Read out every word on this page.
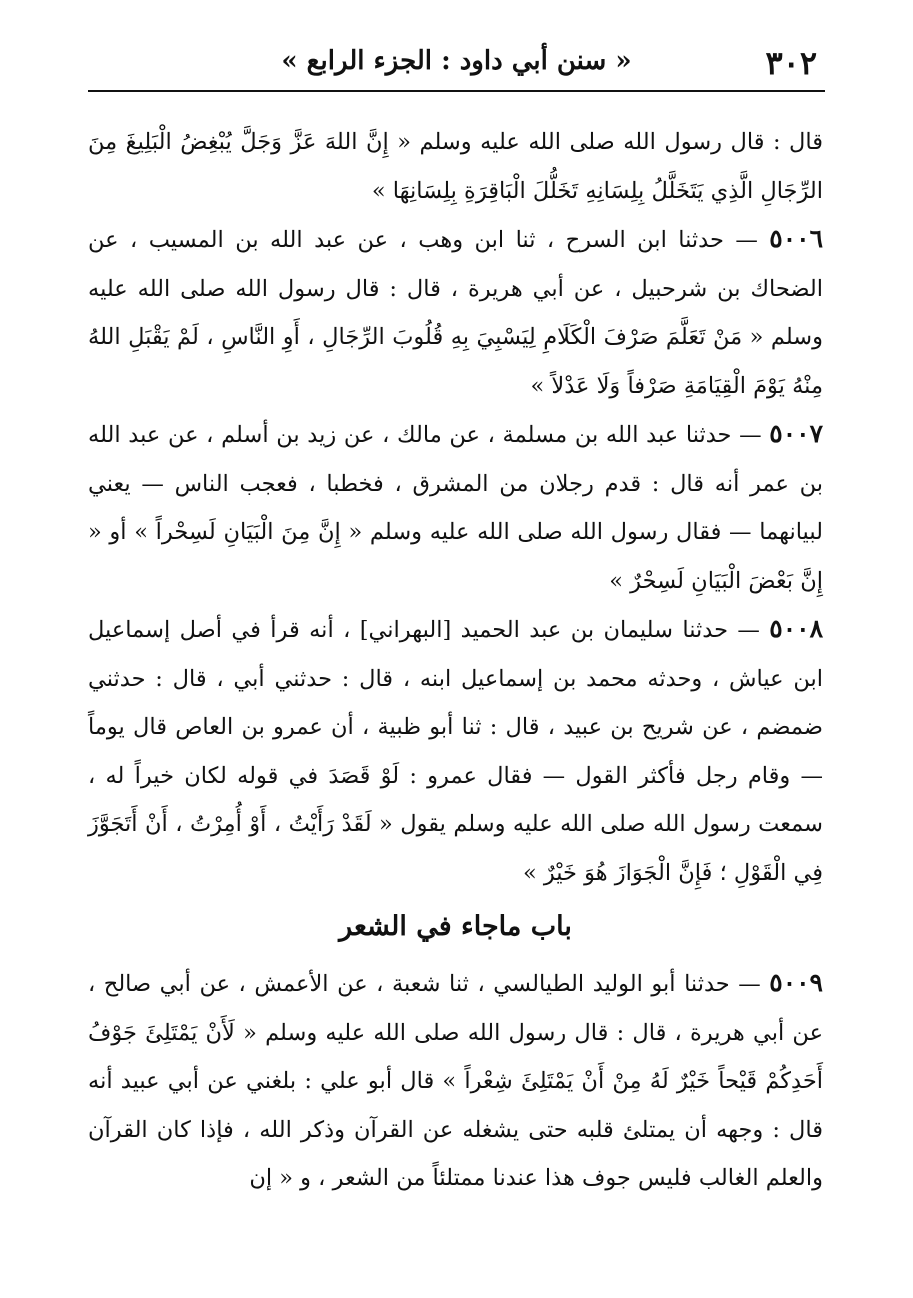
٣٠٢
« سنن أبي داود : الجزء الرابع »

قال : قال رسول الله صلى الله عليه وسلم « إِنَّ اللهَ عَزَّ وَجَلَّ يُبْغِضُ الْبَلِيغَ مِنَ الرِّجَالِ الَّذِي يَتَخَلَّلُ بِلِسَانِهِ تَخَلُّلَ الْبَاقِرَةِ بِلِسَانِهَا »

٥٠٠٦ — حدثنا ابن السرح ، ثنا ابن وهب ، عن عبد الله بن المسيب ، عن الضحاك بن شرحبيل ، عن أبي هريرة ، قال : قال رسول الله صلى الله عليه وسلم « مَنْ تَعَلَّمَ صَرْفَ الْكَلَامِ لِيَسْبِيَ بِهِ قُلُوبَ الرِّجَالِ ، أَوِ النَّاسِ ، لَمْ يَقْبَلِ اللهُ مِنْهُ يَوْمَ الْقِيَامَةِ صَرْفاً وَلَا عَدْلاً »

٥٠٠٧ — حدثنا عبد الله بن مسلمة ، عن مالك ، عن زيد بن أسلم ، عن عبد الله بن عمر أنه قال : قدم رجلان من المشرق ، فخطبا ، فعجب الناس — يعني لبيانهما — فقال رسول الله صلى الله عليه وسلم « إِنَّ مِنَ الْبَيَانِ لَسِحْراً » أو « إِنَّ بَعْضَ الْبَيَانِ لَسِحْرٌ »

٥٠٠٨ — حدثنا سليمان بن عبد الحميد [البهراني] ، أنه قرأ في أصل إسماعيل ابن عياش ، وحدثه محمد بن إسماعيل ابنه ، قال : حدثني أبي ، قال : حدثني ضمضم ، عن شريح بن عبيد ، قال : ثنا أبو ظبية ، أن عمرو بن العاص قال يوماً — وقام رجل فأكثر القول — فقال عمرو : لَوْ قَصَدَ في قوله لكان خيراً له ، سمعت رسول الله صلى الله عليه وسلم يقول « لَقَدْ رَأَيْتُ ، أَوْ أُمِرْتُ ، أَنْ أَتَجَوَّزَ فِي الْقَوْلِ ؛ فَإِنَّ الْجَوَازَ هُوَ خَيْرٌ »

باب ماجاء في الشعر

٥٠٠٩ — حدثنا أبو الوليد الطيالسي ، ثنا شعبة ، عن الأعمش ، عن أبي صالح ، عن أبي هريرة ، قال : قال رسول الله صلى الله عليه وسلم « لَأَنْ يَمْتَلِئَ جَوْفُ أَحَدِكُمْ قَيْحاً خَيْرٌ لَهُ مِنْ أَنْ يَمْتَلِئَ شِعْراً » قال أبو علي : بلغني عن أبي عبيد أنه قال : وجهه أن يمتلئ قلبه حتى يشغله عن القرآن وذكر الله ، فإذا كان القرآن والعلم الغالب فليس جوف هذا عندنا ممتلئاً من الشعر ، و « إن
